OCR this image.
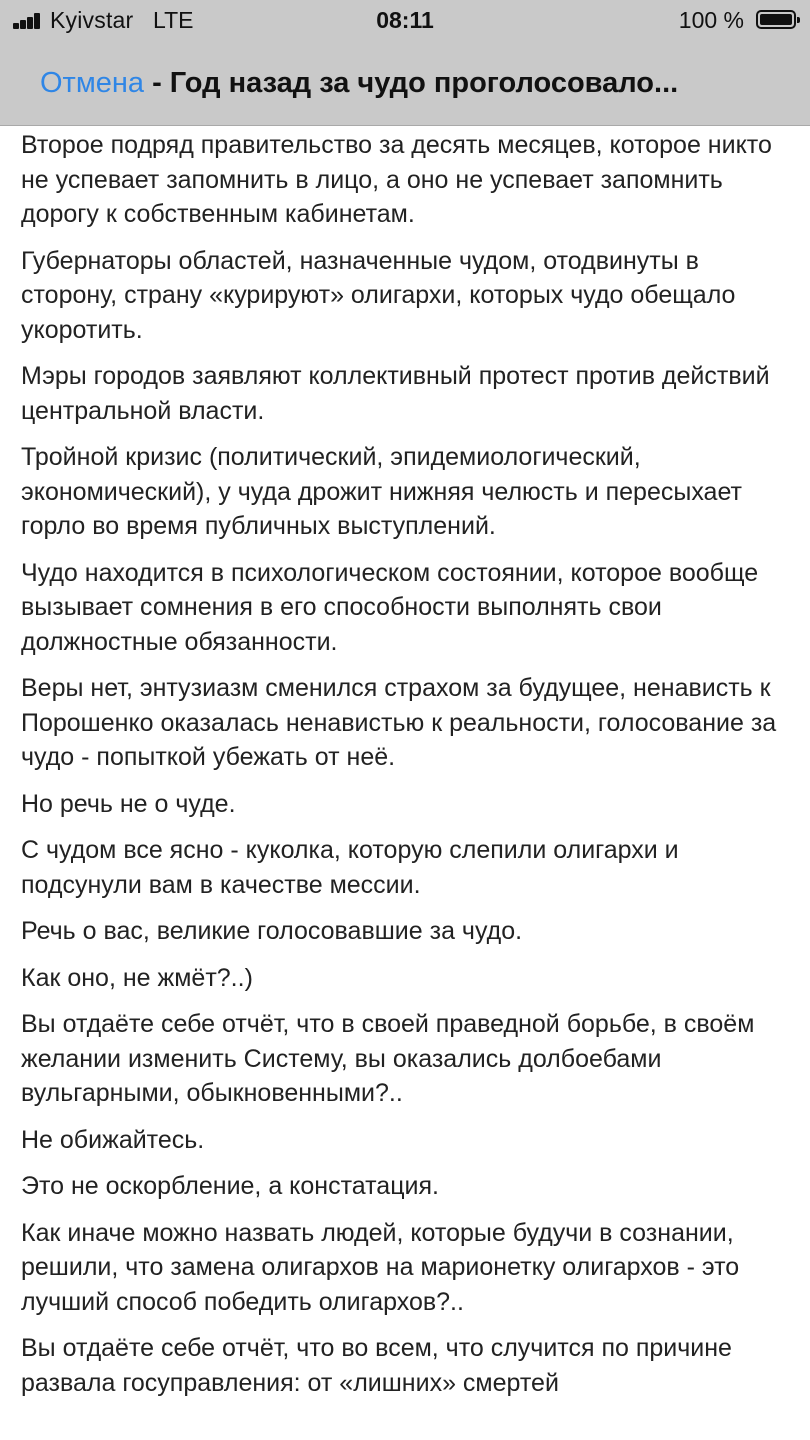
Kyivstar LTE	08:11	100 %
Отмена - Год назад за чудо проголосовало...

Второе подряд правительство за десять месяцев, которое никто не успевает запомнить в лицо, а оно не успевает запомнить дорогу к собственным кабинетам.

Губернаторы областей, назначенные чудом, отодвинуты в сторону, страну «курируют» олигархи, которых чудо обещало укоротить.

Мэры городов заявляют коллективный протест против действий центральной власти.

Тройной кризис (политический, эпидемиологический, экономический), у чуда дрожит нижняя челюсть и пересыхает горло во время публичных выступлений.

Чудо находится в психологическом состоянии, которое вообще вызывает сомнения в его способности выполнять свои должностные обязанности.

Веры нет, энтузиазм сменился страхом за будущее, ненависть к Порошенко оказалась ненавистью к реальности, голосование за чудо - попыткой убежать от неё.

Но речь не о чуде.

С чудом все ясно - куколка, которую слепили олигархи и подсунули вам в качестве мессии.

Речь о вас, великие голосовавшие за чудо.

Как оно, не жмёт?..)

Вы отдаёте себе отчёт, что в своей праведной борьбе, в своём желании изменить Систему, вы оказались долбоебами вульгарными, обыкновенными?..

Не обижайтесь.

Это не оскорбление, а констатация.

Как иначе можно назвать людей, которые будучи в сознании, решили, что замена олигархов на марионетку олигархов - это лучший способ победить олигархов?..

Вы отдаёте себе отчёт, что во всем, что случится по причине развала госуправления: от «лишних» смертей
